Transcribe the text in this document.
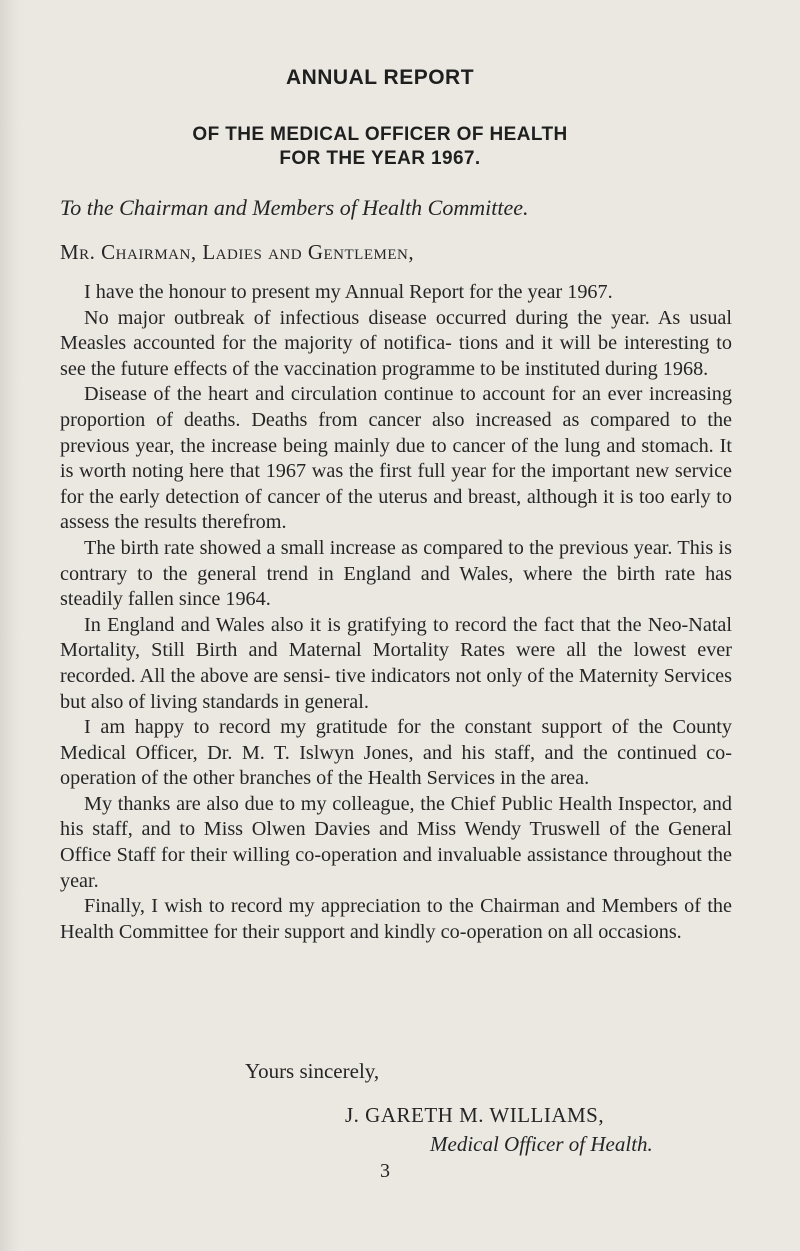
ANNUAL REPORT
OF THE MEDICAL OFFICER OF HEALTH
FOR THE YEAR 1967.
To the Chairman and Members of Health Committee.
Mr. Chairman, Ladies and Gentlemen,

I have the honour to present my Annual Report for the year 1967.

No major outbreak of infectious disease occurred during the year. As usual Measles accounted for the majority of notifica- tions and it will be interesting to see the future effects of the vaccination programme to be instituted during 1968.

Disease of the heart and circulation continue to account for an ever increasing proportion of deaths. Deaths from cancer also increased as compared to the previous year, the increase being mainly due to cancer of the lung and stomach. It is worth noting here that 1967 was the first full year for the important new service for the early detection of cancer of the uterus and breast, although it is too early to assess the results therefrom.

The birth rate showed a small increase as compared to the previous year. This is contrary to the general trend in England and Wales, where the birth rate has steadily fallen since 1964.

In England and Wales also it is gratifying to record the fact that the Neo-Natal Mortality, Still Birth and Maternal Mortality Rates were all the lowest ever recorded. All the above are sensi- tive indicators not only of the Maternity Services but also of living standards in general.

I am happy to record my gratitude for the constant support of the County Medical Officer, Dr. M. T. Islwyn Jones, and his staff, and the continued co-operation of the other branches of the Health Services in the area.

My thanks are also due to my colleague, the Chief Public Health Inspector, and his staff, and to Miss Olwen Davies and Miss Wendy Truswell of the General Office Staff for their willing co-operation and invaluable assistance throughout the year.

Finally, I wish to record my appreciation to the Chairman and Members of the Health Committee for their support and kindly co-operation on all occasions.

Yours sincerely,
J. GARETH M. WILLIAMS,
Medical Officer of Health.
3
